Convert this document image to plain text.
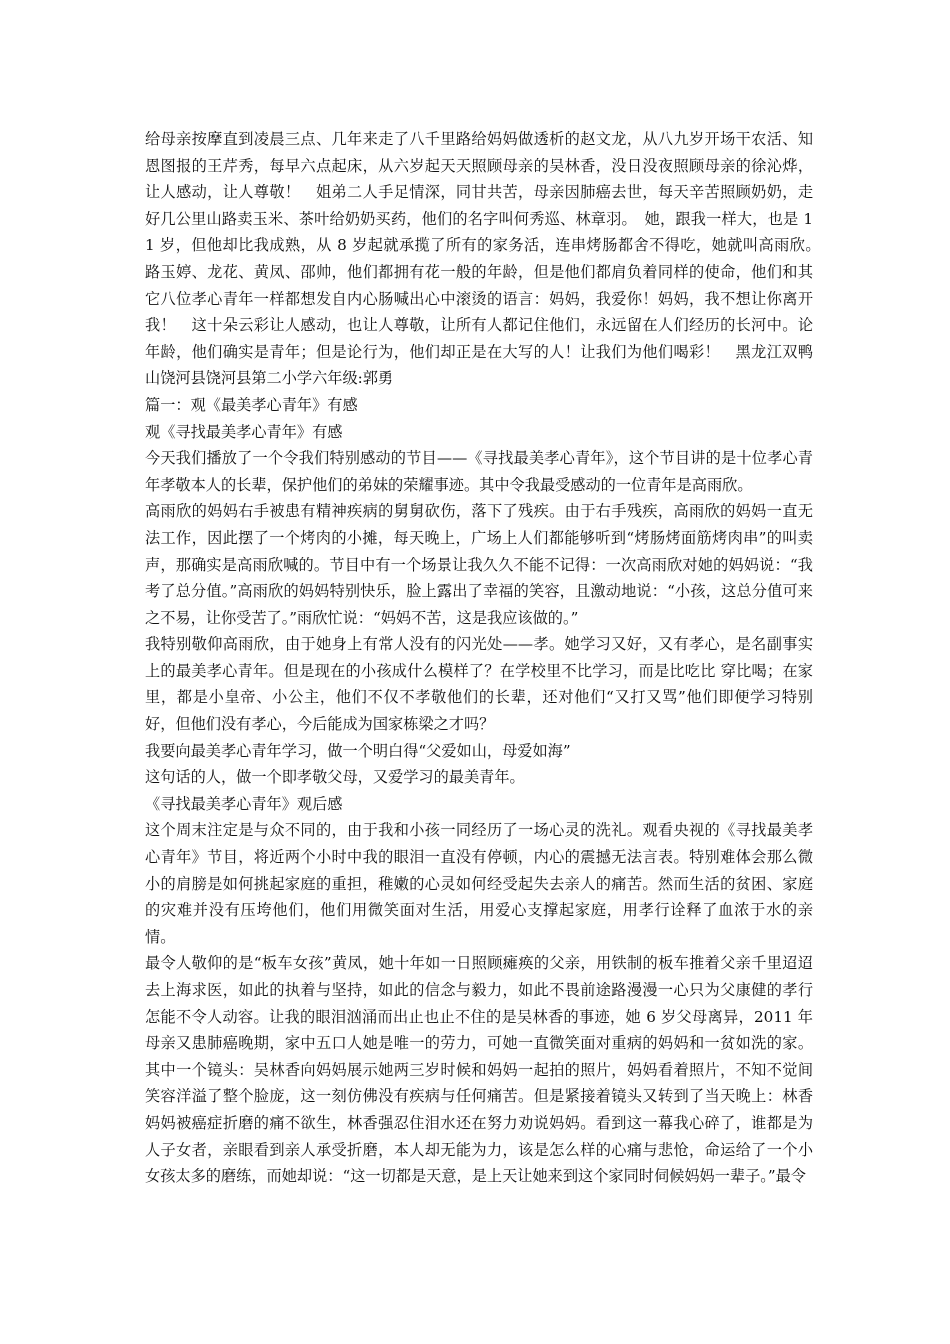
给母亲按摩直到凌晨三点、几年来走了八千里路给妈妈做透析的赵文龙，从八九岁开场干农活、知恩图报的王芹秀，每早六点起床，从六岁起天天照顾母亲的吴林香，没日没夜照顾母亲的徐沁烨，让人感动，让人尊敬！　姐弟二人手足情深，同甘共苦，母亲因肺癌去世，每天辛苦照顾奶奶，走好几公里山路卖玉米、茶叶给奶奶买药，他们的名字叫何秀巡、林章羽。　她，跟我一样大，也是 11 岁，但他却比我成熟，从 8 岁起就承揽了所有的家务活，连串烤肠都舍不得吃，她就叫高雨欣。　路玉婷、龙花、黄凤、邵帅，他们都拥有花一般的年龄，但是他们都肩负着同样的使命，他们和其它八位孝心青年一样都想发自内心肠喊出心中滚烫的语言：妈妈，我爱你！妈妈，我不想让你离开我！　这十朵云彩让人感动，也让人尊敬，让所有人都记住他们，永远留在人们经历的长河中。论年龄，他们确实是青年；但是论行为，他们却正是在大写的人！让我们为他们喝彩！　黑龙江双鸭山饶河县饶河县第二小学六年级:郭勇

篇一：观《最美孝心青年》有感

观《寻找最美孝心青年》有感

今天我们播放了一个令我们特别感动的节目——《寻找最美孝心青年》，这个节目讲的是十位孝心青年孝敬本人的长辈，保护他们的弟妹的荣耀事迹。其中令我最受感动的一位青年是高雨欣。

高雨欣的妈妈右手被患有精神疾病的舅舅砍伤，落下了残疾。由于右手残疾，高雨欣的妈妈一直无法工作，因此摆了一个烤肉的小摊，每天晚上，广场上人们都能够听到“烤肠烤面筋烤肉串”的叫卖声，那确实是高雨欣喊的。节目中有一个场景让我久久不能不记得：一次高雨欣对她的妈妈说：“我考了总分值。”高雨欣的妈妈特别快乐，脸上露出了幸福的笑容，且激动地说：“小孩，这总分值可来之不易，让你受苦了。”雨欣忙说：“妈妈不苦，这是我应该做的。”

我特别敬仰高雨欣，由于她身上有常人没有的闪光处——孝。她学习又好，又有孝心，是名副事实上的最美孝心青年。但是现在的小孩成什么模样了？在学校里不比学习，而是比吃比 穿比喝；在家里，都是小皇帝、小公主，他们不仅不孝敬他们的长辈，还对他们“又打又骂”他们即便学习特别好，但他们没有孝心，今后能成为国家栋梁之才吗？

我要向最美孝心青年学习，做一个明白得“父爱如山，母爱如海”

这句话的人，做一个即孝敬父母，又爱学习的最美青年。

《寻找最美孝心青年》观后感

这个周末注定是与众不同的，由于我和小孩一同经历了一场心灵的洗礼。观看央视的《寻找最美孝心青年》节目，将近两个小时中我的眼泪一直没有停顿，内心的震撼无法言表。特别难体会那么微小的肩膀是如何挑起家庭的重担，稚嫩的心灵如何经受起失去亲人的痛苦。然而生活的贫困、家庭的灾难并没有压垮他们，他们用微笑面对生活，用爱心支撑起家庭，用孝行诠释了血浓于水的亲情。

最令人敬仰的是“板车女孩”黄凤，她十年如一日照顾瘫痪的父亲，用铁制的板车推着父亲千里迢迢去上海求医，如此的执着与坚持，如此的信念与毅力，如此不畏前途路漫漫一心只为父康健的孝行怎能不令人动容。让我的眼泪汹涌而出止也止不住的是吴林香的事迹，她 6 岁父母离异，2011 年母亲又患肺癌晚期，家中五口人她是唯一的劳力，可她一直微笑面对重病的妈妈和一贫如洗的家。其中一个镜头：吴林香向妈妈展示她两三岁时候和妈妈一起拍的照片，妈妈看着照片，不知不觉间笑容洋溢了整个脸庞，这一刻仿佛没有疾病与任何痛苦。但是紧接着镜头又转到了当天晚上：林香妈妈被癌症折磨的痛不欲生，林香强忍住泪水还在努力劝说妈妈。看到这一幕我心碎了，谁都是为人子女者，亲眼看到亲人承受折磨，本人却无能为力，该是怎么样的心痛与悲怆，命运给了一个小女孩太多的磨练，而她却说：“这一切都是天意，是上天让她来到这个家同时伺候妈妈一辈子。”最令
